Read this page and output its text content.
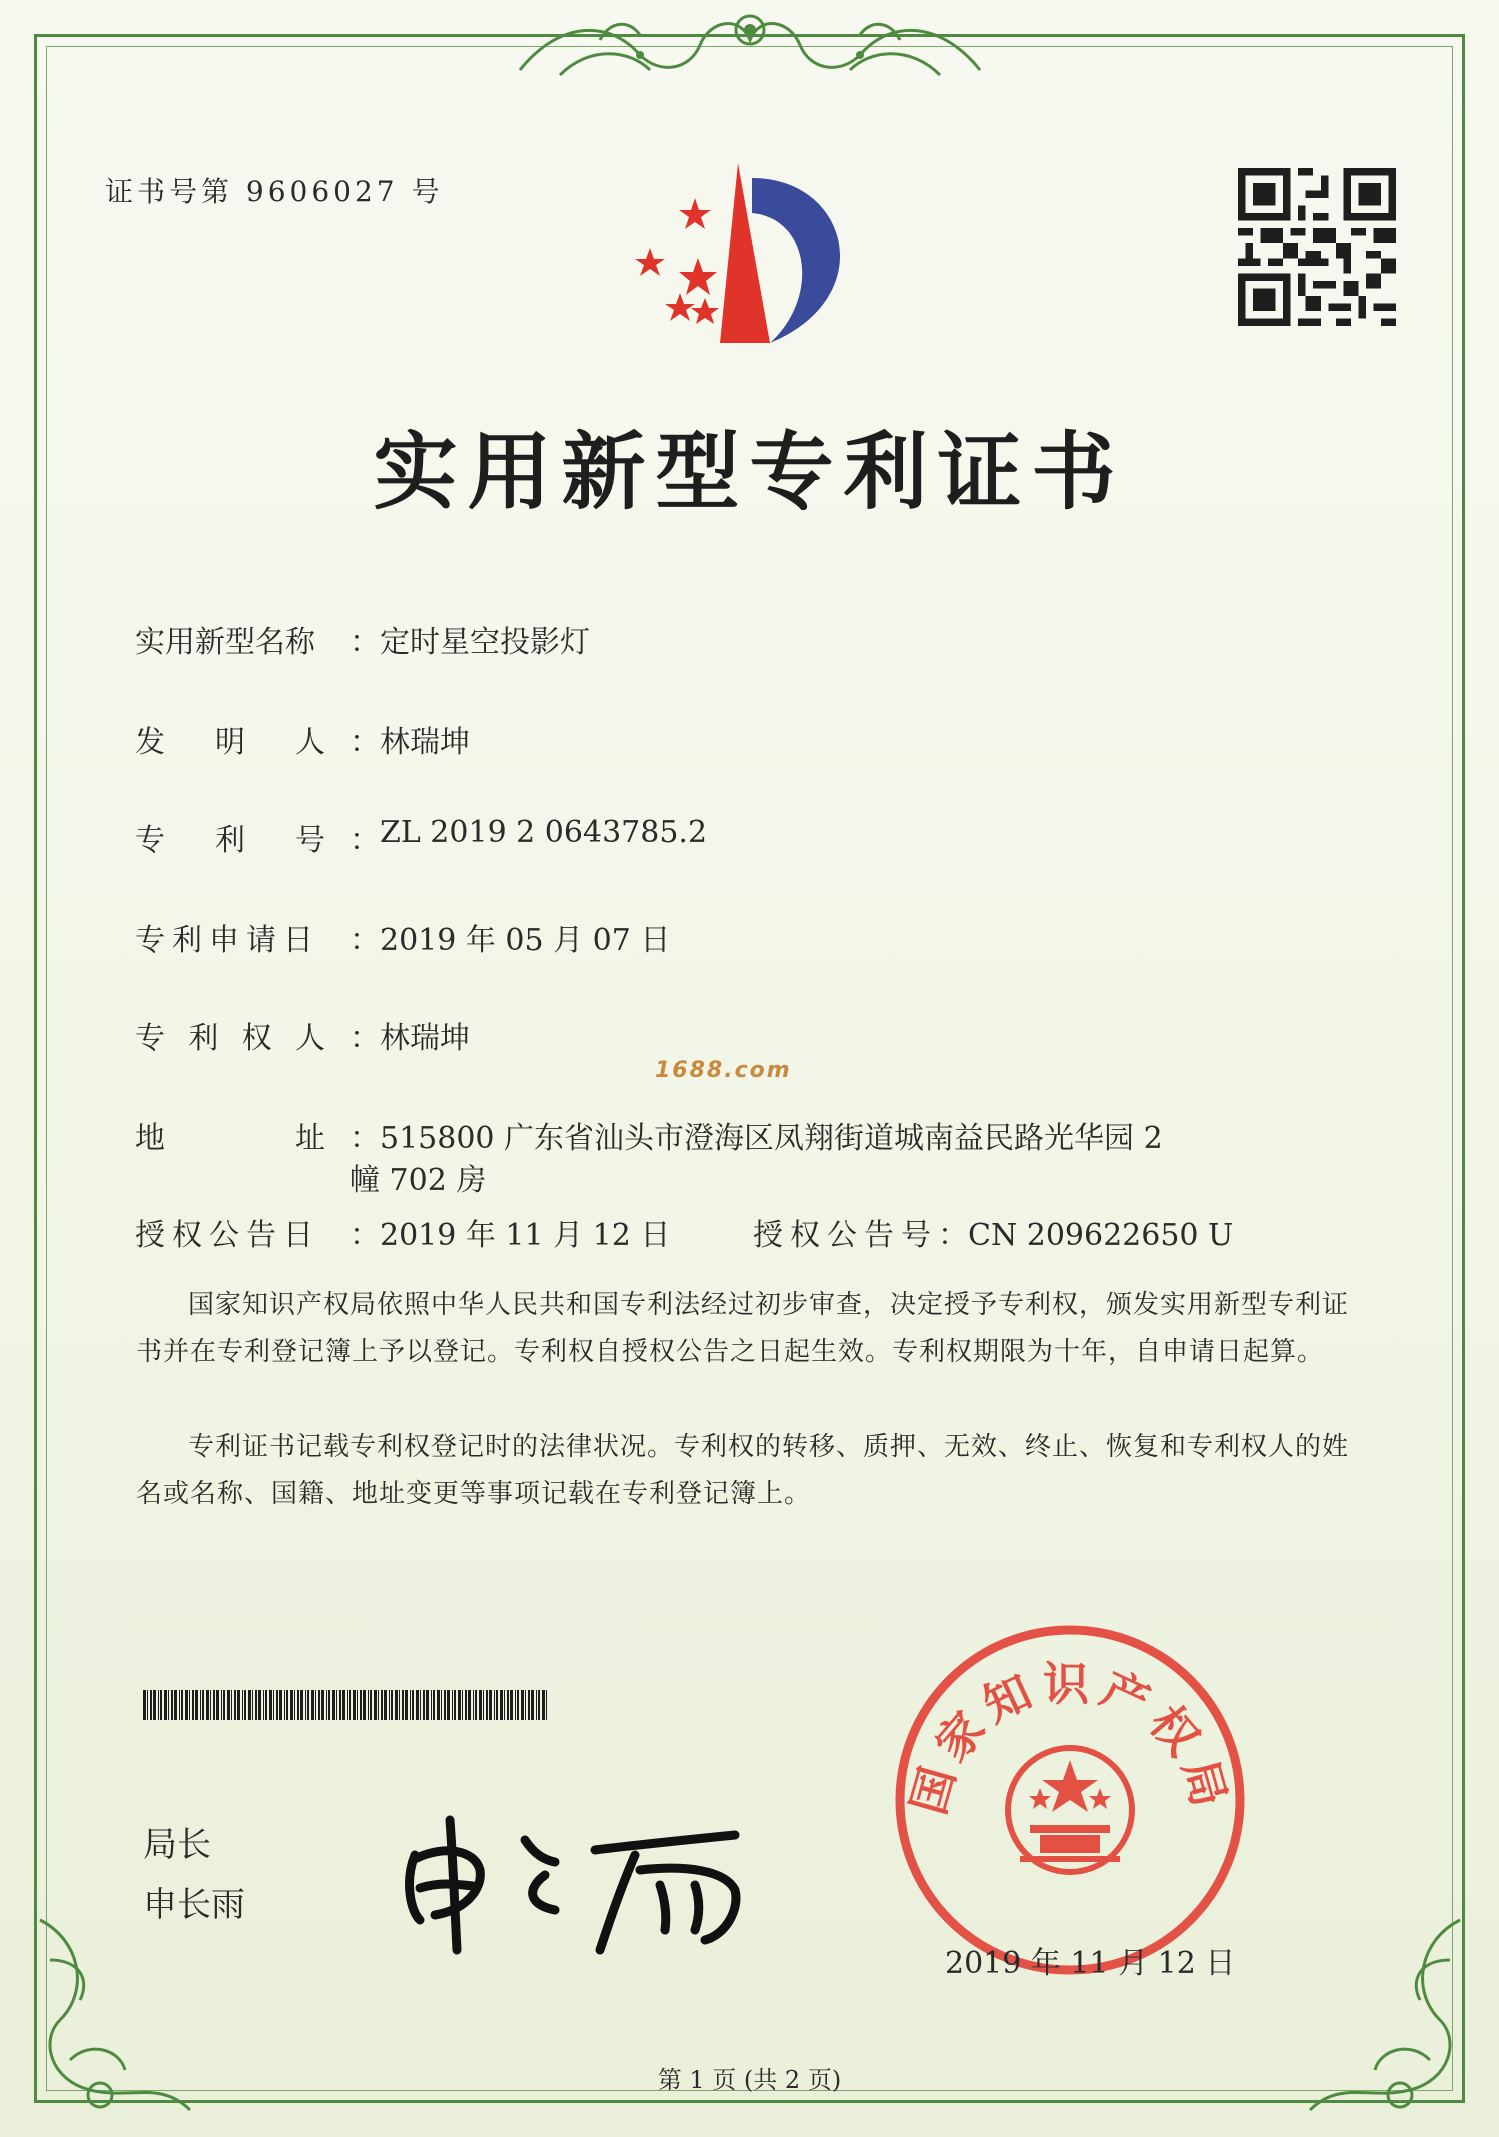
证书号第 9606027 号
实用新型专利证书
实用新型名称	： 定时星空投影灯
发 明 人 ： 林瑞坤
专 利 号 ： ZL 2019 2 0643785.2
专利申请日	： 2019 年 05 月 07 日
专 利 权 人 ： 林瑞坤
1688.com
地	址 ： 515800 广东省汕头市澄海区凤翔街道城南益民路光华园 2
幢 702 房
授权公告日	： 2019 年 11 月 12 日	授权公告号：CN 209622650 U
国家知识产权局依照中华人民共和国专利法经过初步审查，决定授予专利权，颁发实用新型专利证书并在专利登记簿上予以登记。专利权自授权公告之日起生效。专利权期限为十年，自申请日起算。
专利证书记载专利权登记时的法律状况。专利权的转移、质押、无效、终止、恢复和专利权人的姓名或名称、国籍、地址变更等事项记载在专利登记簿上。
局长
申长雨
国家知识产权局
2019 年 11 月 12 日
第 1 页 (共 2 页)
